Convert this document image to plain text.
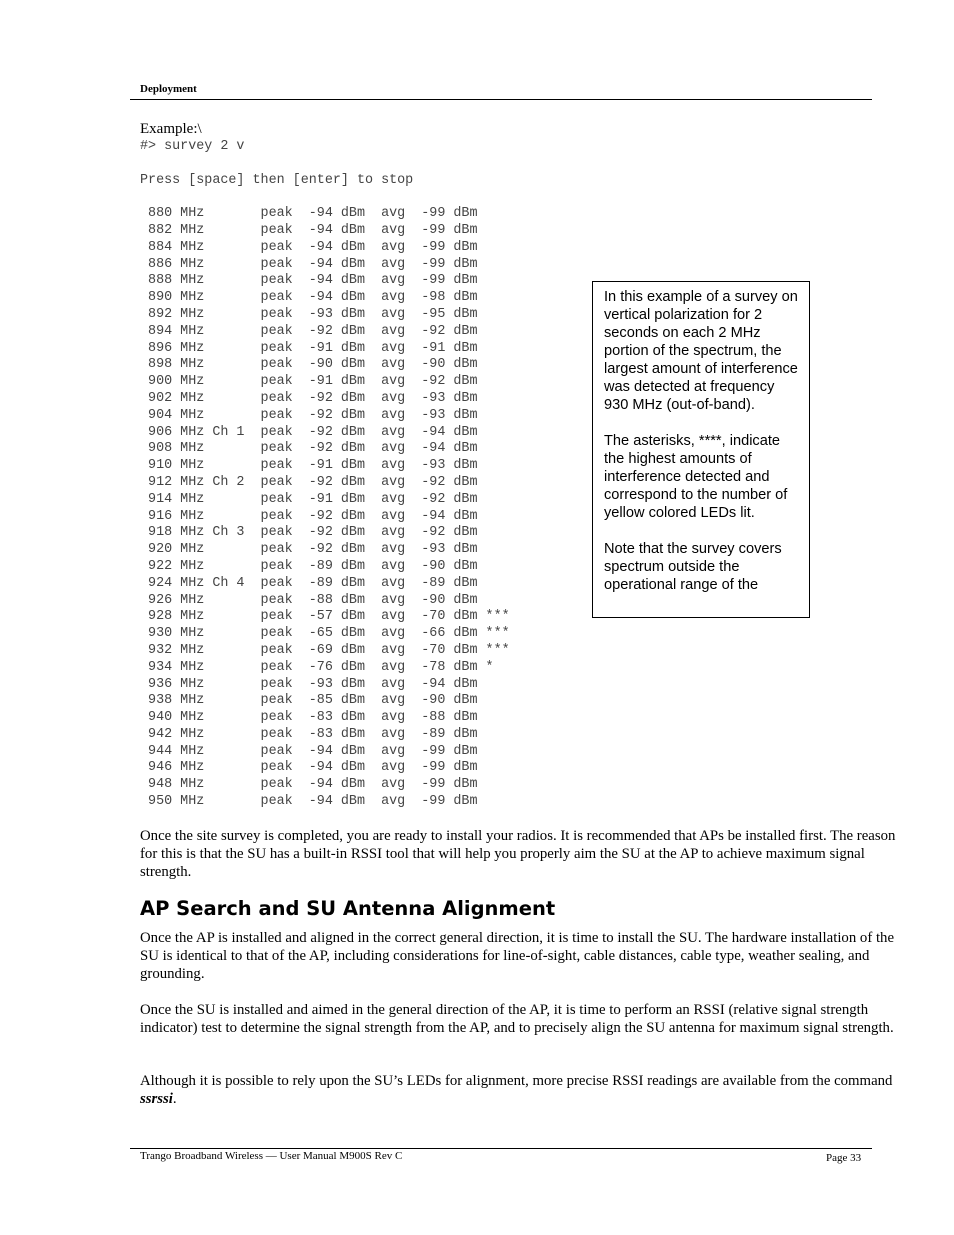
Deployment
Example:\
#> survey 2 v

Press [space] then [enter] to stop

880 MHz       peak  -94 dBm  avg  -99 dBm
882 MHz       peak  -94 dBm  avg  -99 dBm
884 MHz       peak  -94 dBm  avg  -99 dBm
886 MHz       peak  -94 dBm  avg  -99 dBm
888 MHz       peak  -94 dBm  avg  -99 dBm
890 MHz       peak  -94 dBm  avg  -98 dBm
892 MHz       peak  -93 dBm  avg  -95 dBm
894 MHz       peak  -92 dBm  avg  -92 dBm
896 MHz       peak  -91 dBm  avg  -91 dBm
898 MHz       peak  -90 dBm  avg  -90 dBm
900 MHz       peak  -91 dBm  avg  -92 dBm
902 MHz       peak  -92 dBm  avg  -93 dBm
904 MHz       peak  -92 dBm  avg  -93 dBm
906 MHz Ch 1  peak  -92 dBm  avg  -94 dBm
908 MHz       peak  -92 dBm  avg  -94 dBm
910 MHz       peak  -91 dBm  avg  -93 dBm
912 MHz Ch 2  peak  -92 dBm  avg  -92 dBm
914 MHz       peak  -91 dBm  avg  -92 dBm
916 MHz       peak  -92 dBm  avg  -94 dBm
918 MHz Ch 3  peak  -92 dBm  avg  -92 dBm
920 MHz       peak  -92 dBm  avg  -93 dBm
922 MHz       peak  -89 dBm  avg  -90 dBm
924 MHz Ch 4  peak  -89 dBm  avg  -89 dBm
926 MHz       peak  -88 dBm  avg  -90 dBm
928 MHz       peak  -57 dBm  avg  -70 dBm ***
930 MHz       peak  -65 dBm  avg  -66 dBm ***
932 MHz       peak  -69 dBm  avg  -70 dBm ***
934 MHz       peak  -76 dBm  avg  -78 dBm *
936 MHz       peak  -93 dBm  avg  -94 dBm
938 MHz       peak  -85 dBm  avg  -90 dBm
940 MHz       peak  -83 dBm  avg  -88 dBm
942 MHz       peak  -83 dBm  avg  -89 dBm
944 MHz       peak  -94 dBm  avg  -99 dBm
946 MHz       peak  -94 dBm  avg  -99 dBm
948 MHz       peak  -94 dBm  avg  -99 dBm
950 MHz       peak  -94 dBm  avg  -99 dBm

In this example of a survey on vertical polarization for 2 seconds on each 2 MHz portion of the spectrum, the largest amount of interference was detected at frequency 930 MHz (out-of-band).

The asterisks, ****, indicate the highest amounts of interference detected and correspond to the number of yellow colored LEDs lit.

Note that the survey covers spectrum outside the operational range of the

Once the site survey is completed, you are ready to install your radios. It is recommended that APs be installed first. The reason for this is that the SU has a built-in RSSI tool that will help you properly aim the SU at the AP to achieve maximum signal strength.
AP Search and SU Antenna Alignment
Once the AP is installed and aligned in the correct general direction, it is time to install the SU. The hardware installation of the SU is identical to that of the AP, including considerations for line-of-sight, cable distances, cable type, weather sealing, and grounding.
Once the SU is installed and aimed in the general direction of the AP, it is time to perform an RSSI (relative signal strength indicator) test to determine the signal strength from the AP, and to precisely align the SU antenna for maximum signal strength.
Although it is possible to rely upon the SU’s LEDs for alignment, more precise RSSI readings are available from the command ssrssi.
Trango Broadband Wireless — User Manual M900S Rev C	Page 33
